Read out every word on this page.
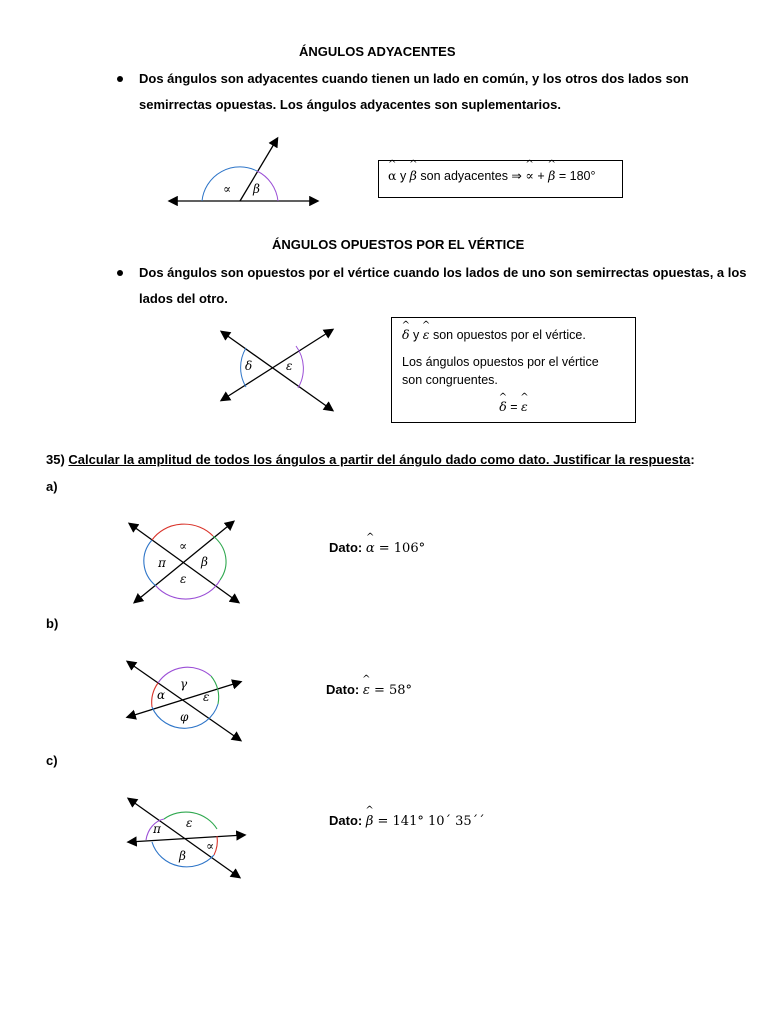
ÁNGULOS ADYACENTES
Dos ángulos son adyacentes cuando tienen un lado en común, y los otros dos lados son
semirrectas opuestas. Los ángulos adyacentes son suplementarios.
∝ β
^ α y ^ β son adyacentes ⇒ ^ ∝ + ^ β = 180°
ÁNGULOS OPUESTOS POR EL VÉRTICE
Dos ángulos son opuestos por el vértice cuando los lados de uno son semirrectas opuestas, a los
lados del otro.
δ	ε
^ δ y ^ ε son opuestos por el vértice.
Los ángulos opuestos por el vértice
son congruentes.
^ δ = ^ ε
35) Calcular la amplitud de todos los ángulos a partir del ángulo dado como dato. Justificar la respuesta:
a)
∝
π	β
ε
Dato: ^ α = 106°
b)
γ
α	ε
φ
Dato: ^ ε = 58°
c)
ε
π
β
∝
Dato: ^ β = 141° 10´ 35´´
